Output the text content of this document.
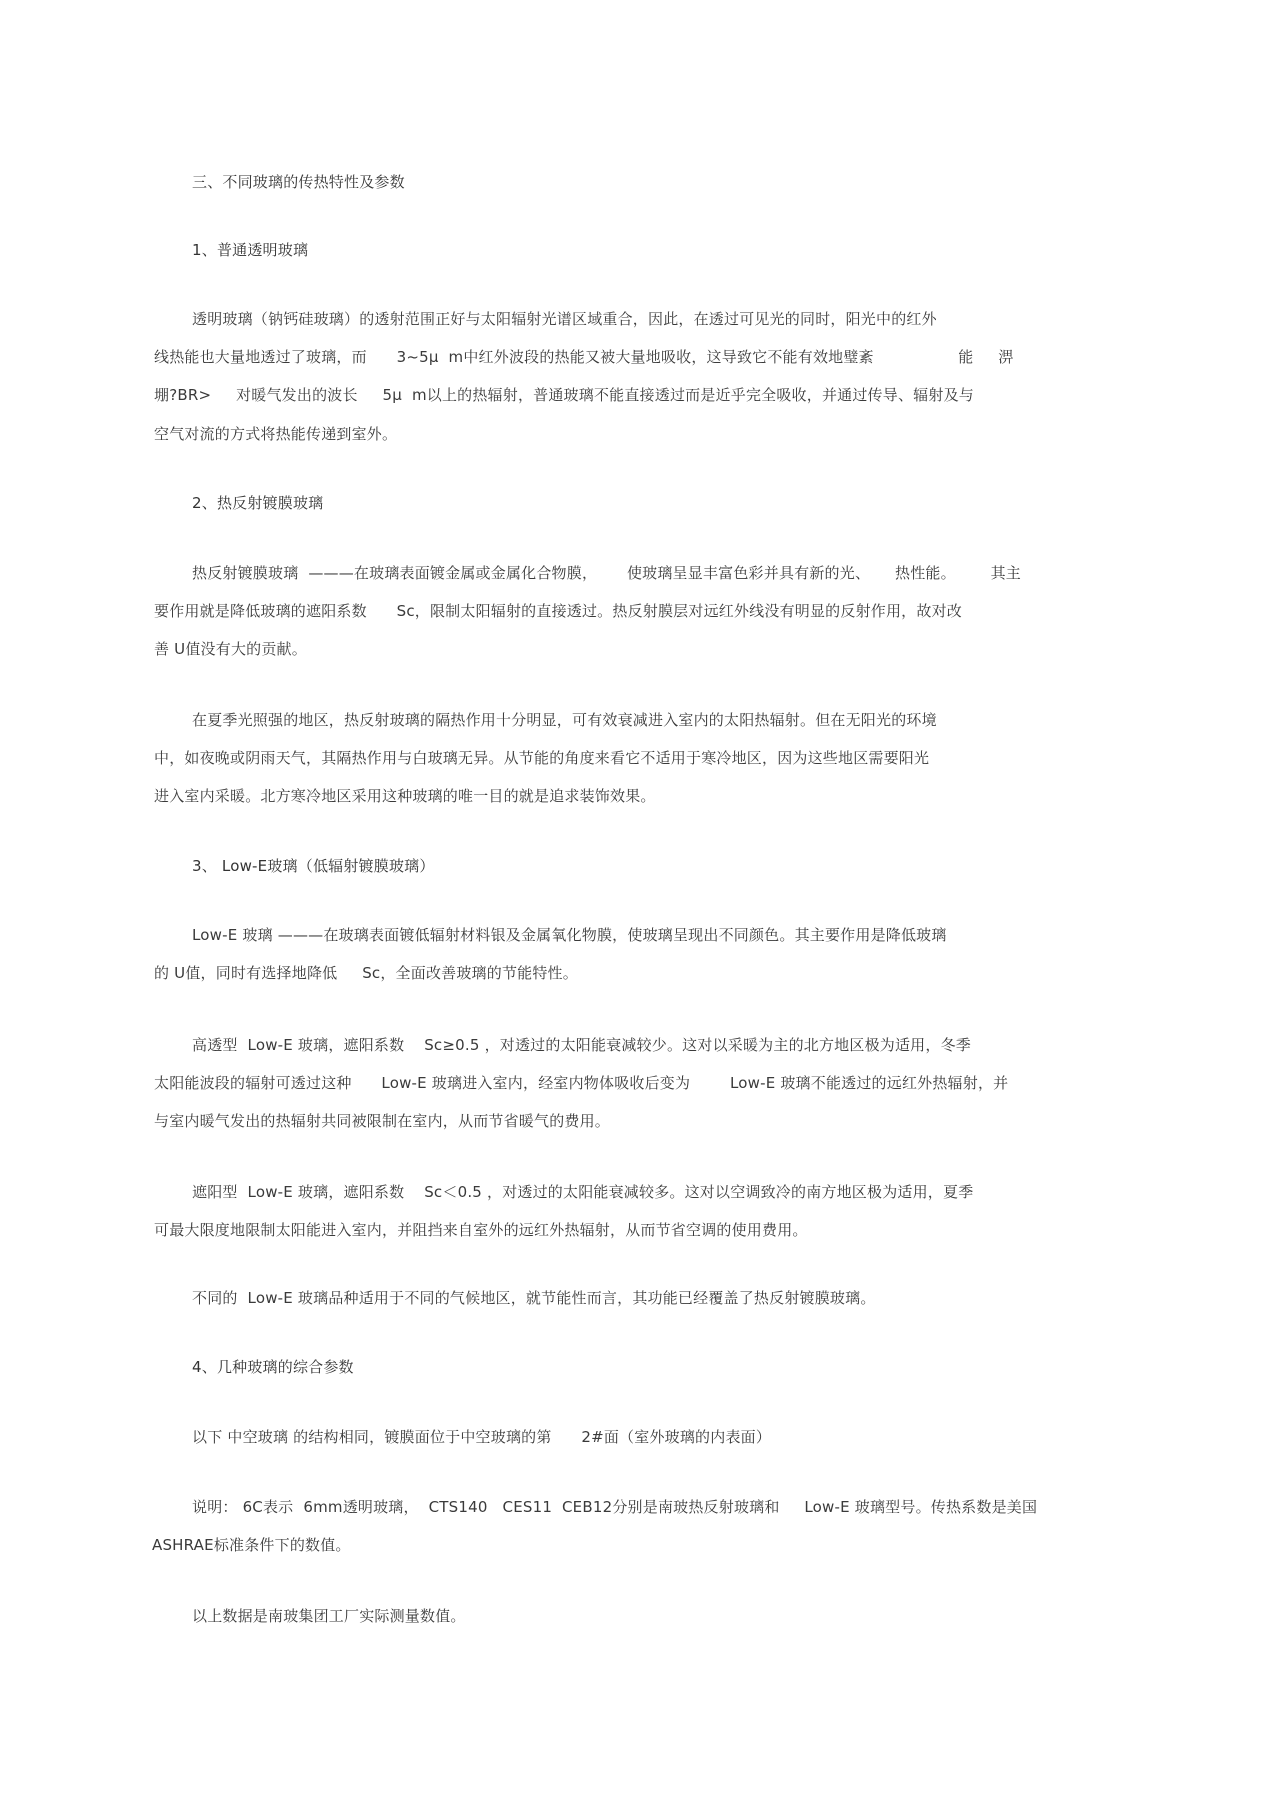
三、不同玻璃的传热特性及参数
1、普通透明玻璃
透明玻璃（钠钙硅玻璃）的透射范围正好与太阳辐射光谱区域重合，因此，在透过可见光的同时，阳光中的红外
线热能也大量地透过了玻璃，而      3~5μ  m中红外波段的热能又被大量地吸收，这导致它不能有效地璧紊                 能     淠
堋?BR>     对暖气发出的波长     5μ  m以上的热辐射，普通玻璃不能直接透过而是近乎完全吸收，并通过传导、辐射及与
空气对流的方式将热能传递到室外。
2、热反射镀膜玻璃
热反射镀膜玻璃  ———在玻璃表面镀金属或金属化合物膜，      使玻璃呈显丰富色彩并具有新的光、     热性能。       其主
要作用就是降低玻璃的遮阳系数      Sc，限制太阳辐射的直接透过。热反射膜层对远红外线没有明显的反射作用，故对改
善 U值没有大的贡献。
在夏季光照强的地区，热反射玻璃的隔热作用十分明显，可有效衰减进入室内的太阳热辐射。但在无阳光的环境
中，如夜晚或阴雨天气，其隔热作用与白玻璃无异。从节能的角度来看它不适用于寒冷地区，因为这些地区需要阳光
进入室内采暖。北方寒冷地区采用这种玻璃的唯一目的就是追求装饰效果。
3、 Low-E玻璃（低辐射镀膜玻璃）
Low-E 玻璃 ———在玻璃表面镀低辐射材料银及金属氧化物膜，使玻璃呈现出不同颜色。其主要作用是降低玻璃
的 U值，同时有选择地降低     Sc，全面改善玻璃的节能特性。
高透型  Low-E 玻璃，遮阳系数    Sc≥0.5 ，对透过的太阳能衰减较少。这对以采暖为主的北方地区极为适用，冬季
太阳能波段的辐射可透过这种      Low-E 玻璃进入室内，经室内物体吸收后变为        Low-E 玻璃不能透过的远红外热辐射，并
与室内暖气发出的热辐射共同被限制在室内，从而节省暖气的费用。
遮阳型  Low-E 玻璃，遮阳系数    Sc＜0.5 ，对透过的太阳能衰减较多。这对以空调致冷的南方地区极为适用，夏季
可最大限度地限制太阳能进入室内，并阻挡来自室外的远红外热辐射，从而节省空调的使用费用。
不同的  Low-E 玻璃品种适用于不同的气候地区，就节能性而言，其功能已经覆盖了热反射镀膜玻璃。
4、几种玻璃的综合参数
以下 中空玻璃 的结构相同，镀膜面位于中空玻璃的第      2#面（室外玻璃的内表面）
说明： 6C表示  6mm透明玻璃，  CTS140   CES11  CEB12分别是南玻热反射玻璃和     Low-E 玻璃型号。传热系数是美国
ASHRAE标准条件下的数值。
以上数据是南玻集团工厂实际测量数值。
